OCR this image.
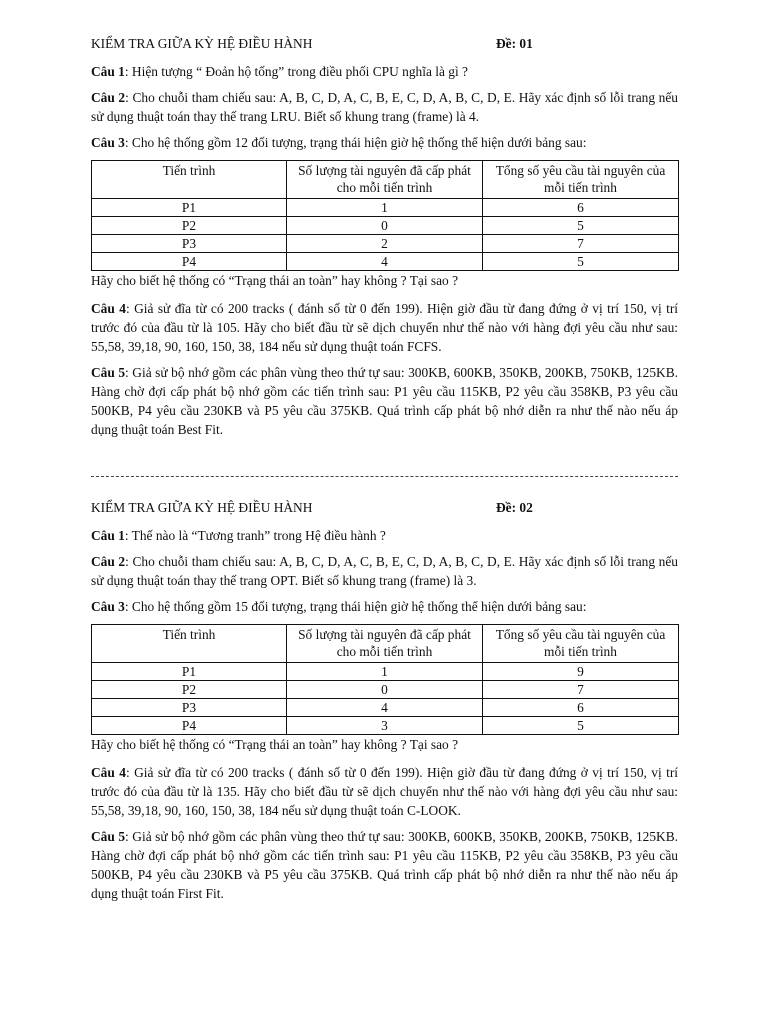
KIỂM TRA GIỮA KỲ HỆ ĐIỀU HÀNH	Đề: 01

Câu 1: Hiện tượng “ Đoản hộ tống” trong điều phối CPU nghĩa là gì ?

Câu 2: Cho chuỗi tham chiếu sau: A, B, C, D, A, C, B, E, C, D, A, B, C, D, E. Hãy xác định số lỗi trang nếu sử dụng thuật toán thay thế trang LRU. Biết số khung trang (frame) là 4.

Câu 3: Cho hệ thống gồm 12 đối tượng, trạng thái hiện giờ hệ thống thể hiện dưới bảng sau:

Tiến trình	Số lượng tài nguyên đã cấp phát cho mỗi tiến trình	Tổng số yêu cầu tài nguyên của mỗi tiến trình
P1	1	6
P2	0	5
P3	2	7
P4	4	5

Hãy cho biết hệ thống có “Trạng thái an toàn” hay không ? Tại sao ?

Câu 4: Giả sử đĩa từ có 200 tracks ( đánh số từ 0 đến 199). Hiện giờ đầu từ đang đứng ở vị trí 150, vị trí trước đó của đầu từ là 105. Hãy cho biết đầu từ sẽ dịch chuyển như thế nào với hàng đợi yêu cầu như sau: 55,58, 39,18, 90, 160, 150, 38, 184 nếu sử dụng thuật toán FCFS.

Câu 5: Giả sử bộ nhớ gồm các phân vùng theo thứ tự sau: 300KB, 600KB, 350KB, 200KB, 750KB, 125KB. Hàng chờ đợi cấp phát bộ nhớ gồm các tiến trình sau: P1 yêu cầu 115KB, P2 yêu cầu 358KB, P3 yêu cầu 500KB, P4 yêu cầu 230KB và P5 yêu cầu 375KB. Quá trình cấp phát bộ nhớ diễn ra như thế nào nếu áp dụng thuật toán Best Fit.

KIỂM TRA GIỮA KỲ HỆ ĐIỀU HÀNH	Đề: 02

Câu 1: Thế nào là “Tương tranh” trong Hệ điều hành ?

Câu 2: Cho chuỗi tham chiếu sau: A, B, C, D, A, C, B, E, C, D, A, B, C, D, E. Hãy xác định số lỗi trang nếu sử dụng thuật toán thay thế trang OPT. Biết số khung trang (frame) là 3.

Câu 3: Cho hệ thống gồm 15 đối tượng, trạng thái hiện giờ hệ thống thể hiện dưới bảng sau:

Tiến trình	Số lượng tài nguyên đã cấp phát cho mỗi tiến trình	Tổng số yêu cầu tài nguyên của mỗi tiến trình
P1	1	9
P2	0	7
P3	4	6
P4	3	5

Hãy cho biết hệ thống có “Trạng thái an toàn” hay không ? Tại sao ?

Câu 4: Giả sử đĩa từ có 200 tracks ( đánh số từ 0 đến 199). Hiện giờ đầu từ đang đứng ở vị trí 150, vị trí trước đó của đầu từ là 135. Hãy cho biết đầu từ sẽ dịch chuyển như thế nào với hàng đợi yêu cầu như sau: 55,58, 39,18, 90, 160, 150, 38, 184 nếu sử dụng thuật toán C-LOOK.

Câu 5: Giả sử bộ nhớ gồm các phân vùng theo thứ tự sau: 300KB, 600KB, 350KB, 200KB, 750KB, 125KB. Hàng chờ đợi cấp phát bộ nhớ gồm các tiến trình sau: P1 yêu cầu 115KB, P2 yêu cầu 358KB, P3 yêu cầu 500KB, P4 yêu cầu 230KB và P5 yêu cầu 375KB. Quá trình cấp phát bộ nhớ diễn ra như thế nào nếu áp dụng thuật toán First Fit.
